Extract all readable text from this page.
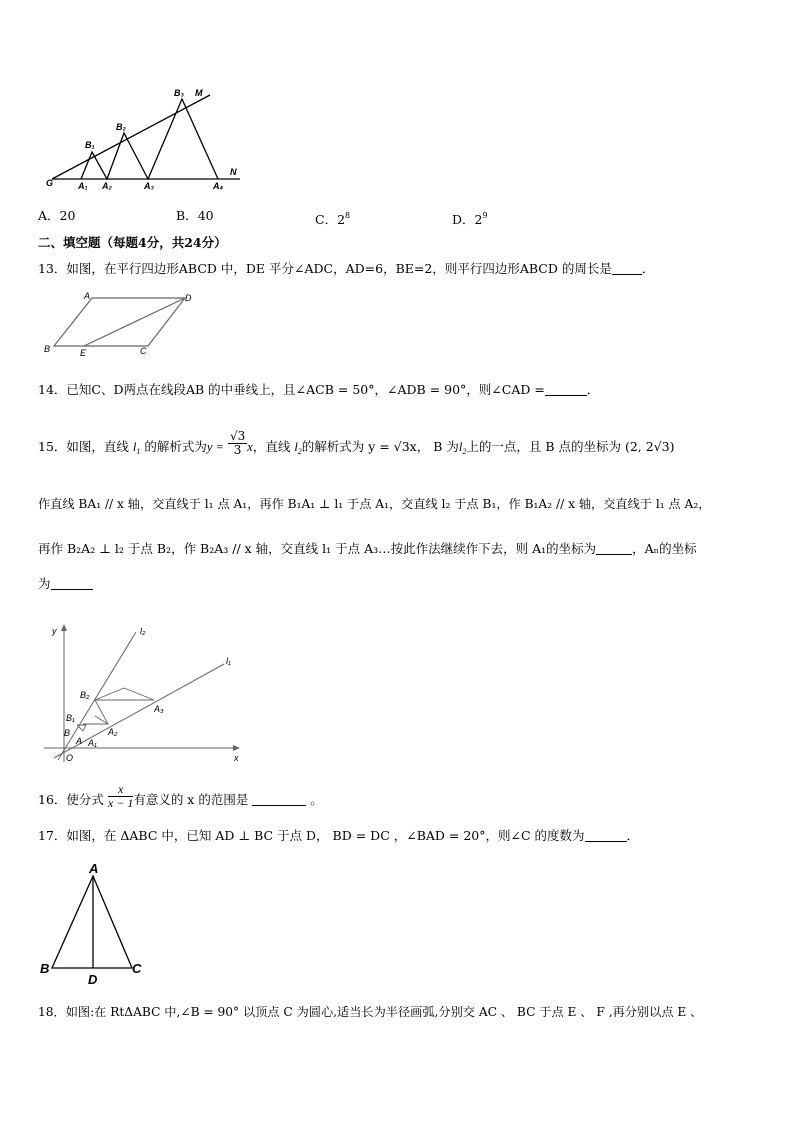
B₃ M
B₂
B₁
G	A₁ A₂	A₃	A₄
N
A．20	B．40	C．$2^8$	D．$2^9$
二、填空题（每题4分，共24分）
13．如图，在平行四边形ABCD 中，DE 平分∠ADC，AD=6，BE=2，则平行四边形ABCD 的周长是 ．
A	D
B	E	C
14．已知C、D两点在线段AB 的中垂线上，且∠ACB = 50°，∠ADB = 90°，则∠CAD =	．
15．如图，直线 $l_1$ 的解析式为$y = \frac{√3}{3}$ x，直线 $l_2$的解析式为 y = √3x， B 为$l_2$上的一点，且 B 点的坐标为 (2, 2√3)
作直线 BA₁ // x 轴，交直线于 l₁ 点 A₁，再作 B₁A₁ ⊥ l₁ 于点 A₁，交直线 l₂ 于点 B₁，作 B₁A₂ // x 轴，交直线于 l₁ 点 A₂，
再作 B₂A₂ ⊥ l₂ 于点 B₂，作 B₂A₃ // x 轴，交直线 l₁ 于点 A₃…按此作法继续作下去，则 A₁的坐标为	，Aₙ的坐标
为
y	l₂
l₁
B₂
A₃
B₁
B	A₂
A A₁
O	x
16．使分式 $\frac{x}{x - 1}$ 有意义的 x 的范围是	。
17．如图，在 ΔABC 中，已知 AD ⊥ BC 于点 D， BD = DC ，∠BAD = 20°，则∠C 的度数为	．
A
B
D
C
18．如图:在 RtΔABC 中,∠B = 90° 以顶点 C 为圆心,适当长为半径画弧,分别交 AC 、 BC 于点 E 、 F ,再分别以点 E 、
